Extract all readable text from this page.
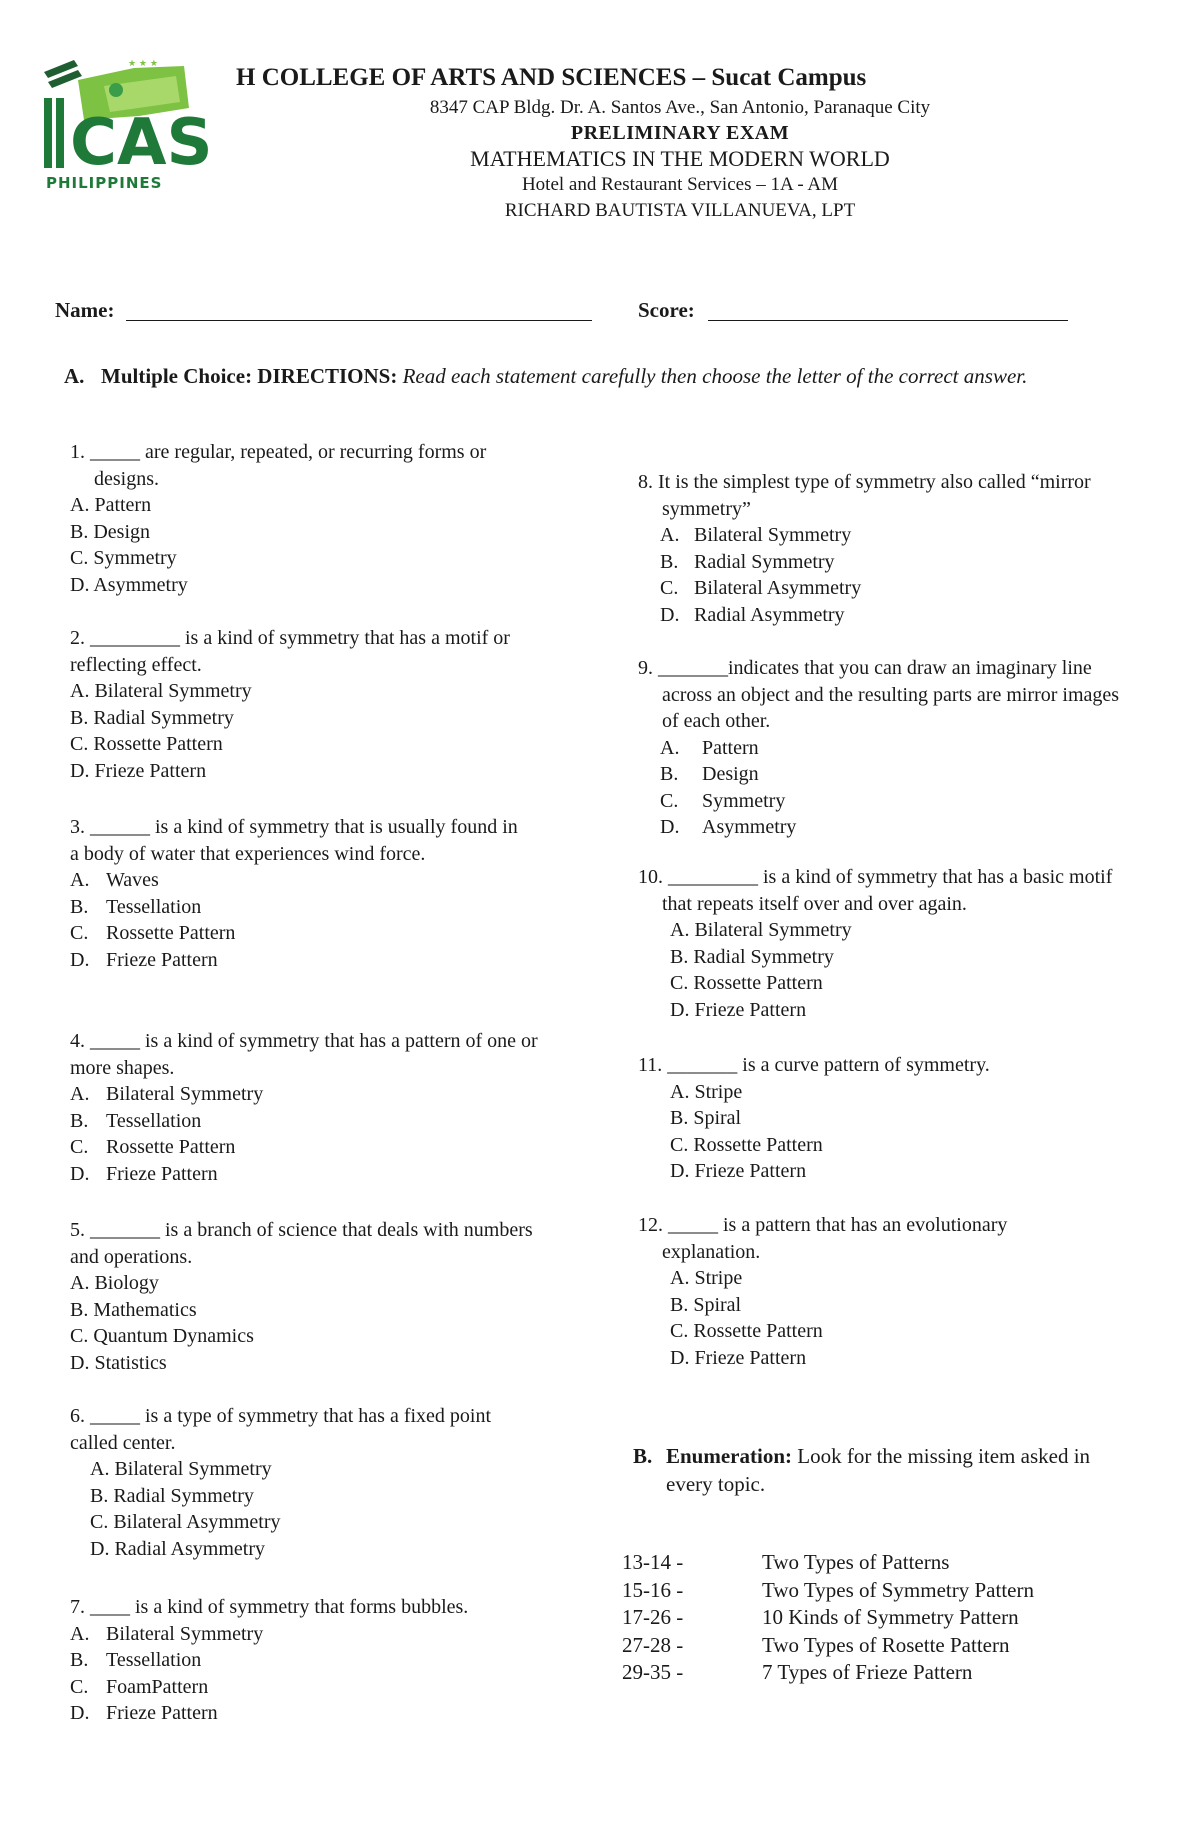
★ ★ ★
CAS
PHILIPPINES
H COLLEGE OF ARTS AND SCIENCES – Sucat Campus
8347 CAP Bldg. Dr. A. Santos Ave., San Antonio, Paranaque City
PRELIMINARY EXAM
MATHEMATICS IN THE MODERN WORLD
Hotel and Restaurant Services – 1A - AM
RICHARD BAUTISTA VILLANUEVA, LPT
Name:	Score:
A. Multiple Choice: DIRECTIONS: Read each statement carefully then choose the letter of the correct answer.
1. _____ are regular, repeated, or recurring forms or designs.
A. Pattern
B. Design
C. Symmetry
D. Asymmetry
2. _________ is a kind of symmetry that has a motif or reflecting effect.
A. Bilateral Symmetry
B. Radial Symmetry
C. Rossette Pattern
D. Frieze Pattern
3. ______ is a kind of symmetry that is usually found in a body of water that experiences wind force.
A. Waves
B. Tessellation
C. Rossette Pattern
D. Frieze Pattern
4. _____ is a kind of symmetry that has a pattern of one or more shapes.
A. Bilateral Symmetry
B. Tessellation
C. Rossette Pattern
D. Frieze Pattern
5. _______ is a branch of science that deals with numbers and operations.
A. Biology
B. Mathematics
C. Quantum Dynamics
D. Statistics
6. _____ is a type of symmetry that has a fixed point called center.
A. Bilateral Symmetry
B. Radial Symmetry
C. Bilateral Asymmetry
D. Radial Asymmetry
7. ____ is a kind of symmetry that forms bubbles.
A. Bilateral Symmetry
B. Tessellation
C. FoamPattern
D. Frieze Pattern
8. It is the simplest type of symmetry also called “mirror symmetry”
A. Bilateral Symmetry
B. Radial Symmetry
C. Bilateral Asymmetry
D. Radial Asymmetry
9. _______indicates that you can draw an imaginary line across an object and the resulting parts are mirror images of each other.
A.	Pattern
B.	Design
C.	Symmetry
D.	Asymmetry
10. _________ is a kind of symmetry that has a basic motif that repeats itself over and over again.
A. Bilateral Symmetry
B. Radial Symmetry
C. Rossette Pattern
D. Frieze Pattern
11. _______ is a curve pattern of symmetry.
A. Stripe
B. Spiral
C. Rossette Pattern
D. Frieze Pattern
12. _____ is a pattern that has an evolutionary explanation.
A. Stripe
B. Spiral
C. Rossette Pattern
D. Frieze Pattern
B. Enumeration: Look for the missing item asked in every topic.
13-14 -	Two Types of Patterns
15-16 -	Two Types of Symmetry Pattern
17-26 -	10 Kinds of Symmetry Pattern
27-28 -	Two Types of Rosette Pattern
29-35 -	7 Types of Frieze Pattern
